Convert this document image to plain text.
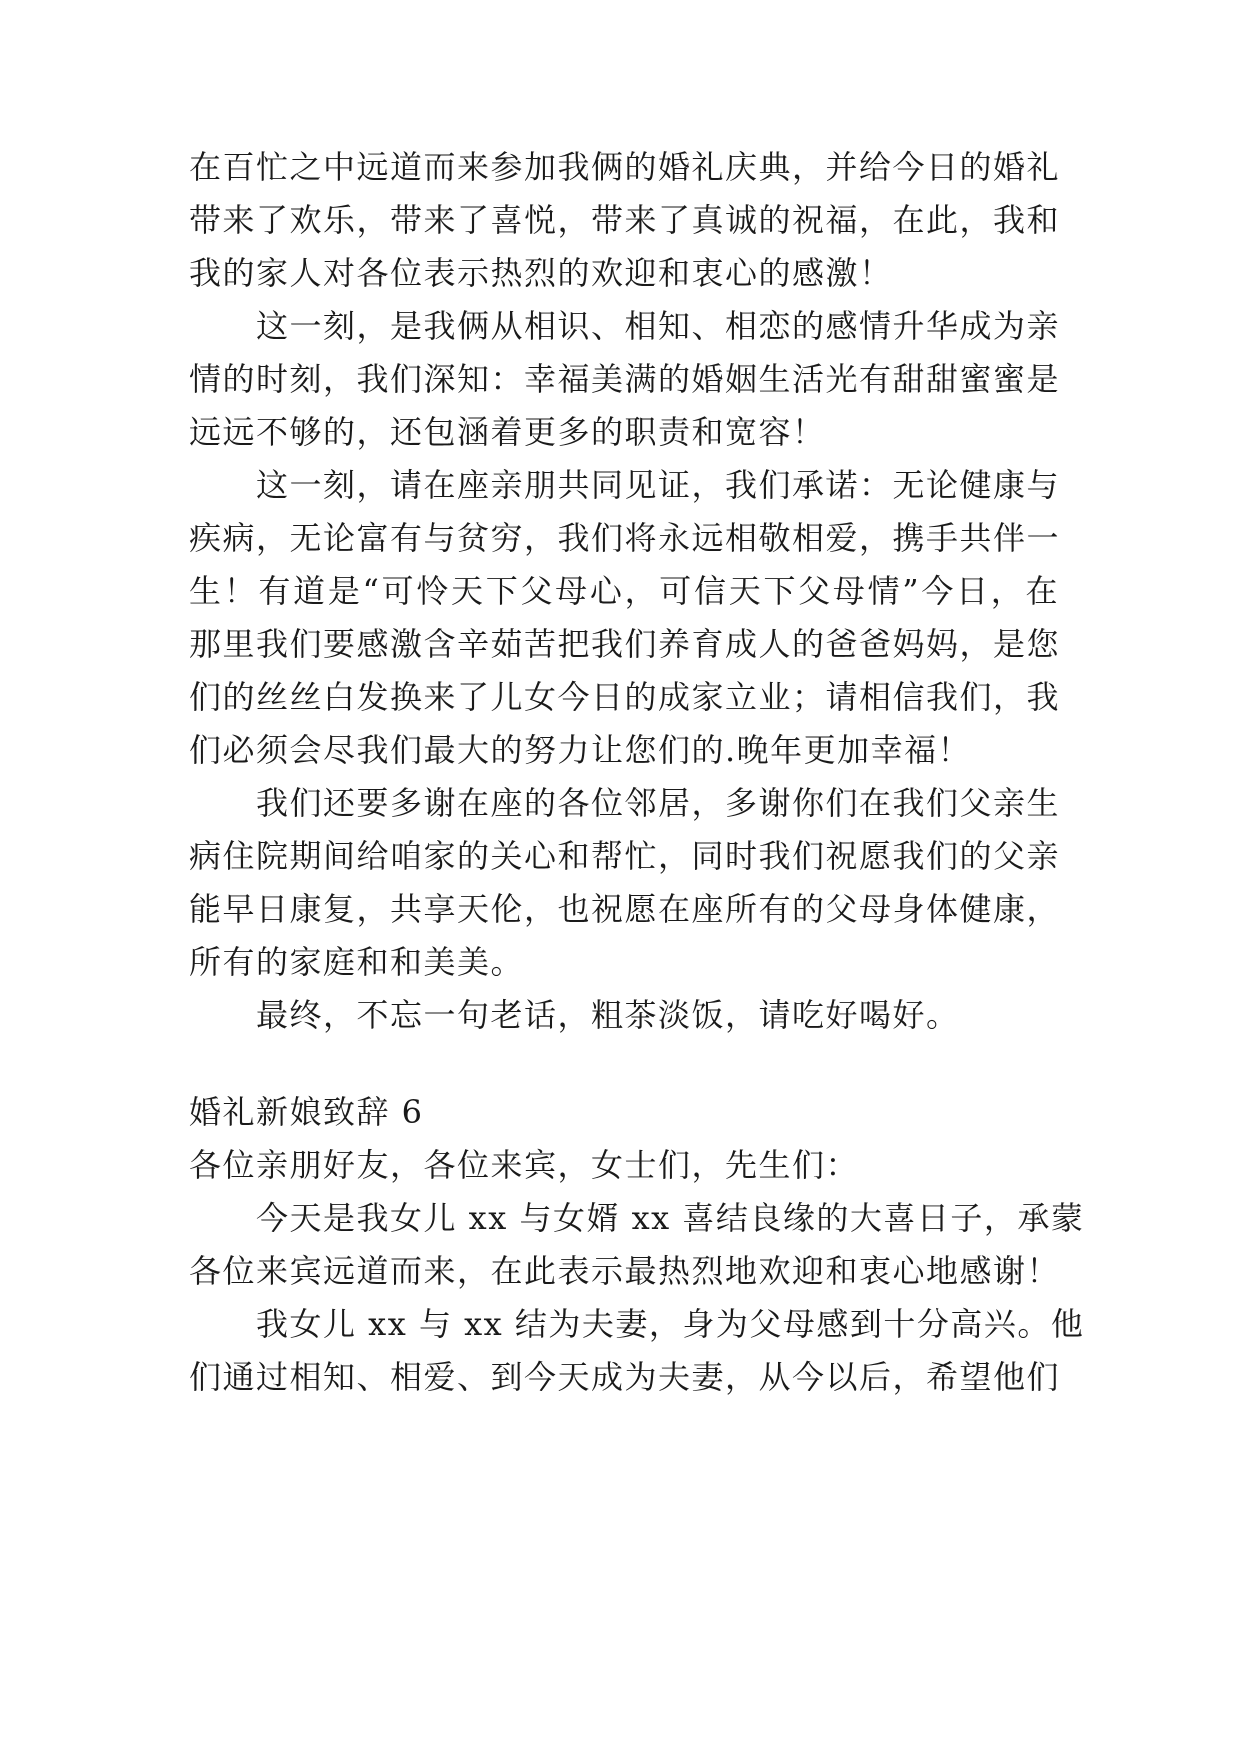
在百忙之中远道而来参加我俩的婚礼庆典，并给今日的婚礼
带来了欢乐，带来了喜悦，带来了真诚的祝福，在此，我和
我的家人对各位表示热烈的欢迎和衷心的感激！
这一刻，是我俩从相识、相知、相恋的感情升华成为亲
情的时刻，我们深知：幸福美满的婚姻生活光有甜甜蜜蜜是
远远不够的，还包涵着更多的职责和宽容！
这一刻，请在座亲朋共同见证，我们承诺：无论健康与
疾病，无论富有与贫穷，我们将永远相敬相爱，携手共伴一
生！有道是“可怜天下父母心，可信天下父母情”今日，在
那里我们要感激含辛茹苦把我们养育成人的爸爸妈妈，是您
们的丝丝白发换来了儿女今日的成家立业；请相信我们，我
们必须会尽我们最大的努力让您们的.晚年更加幸福！
我们还要多谢在座的各位邻居，多谢你们在我们父亲生
病住院期间给咱家的关心和帮忙，同时我们祝愿我们的父亲
能早日康复，共享天伦，也祝愿在座所有的父母身体健康，
所有的家庭和和美美。
最终，不忘一句老话，粗茶淡饭，请吃好喝好。
婚礼新娘致辞 6
各位亲朋好友，各位来宾，女士们，先生们：
今天是我女儿 xx 与女婿 xx 喜结良缘的大喜日子，承蒙
各位来宾远道而来，在此表示最热烈地欢迎和衷心地感谢！
我女儿 xx 与 xx 结为夫妻，身为父母感到十分高兴。他
们通过相知、相爱、到今天成为夫妻，从今以后，希望他们
